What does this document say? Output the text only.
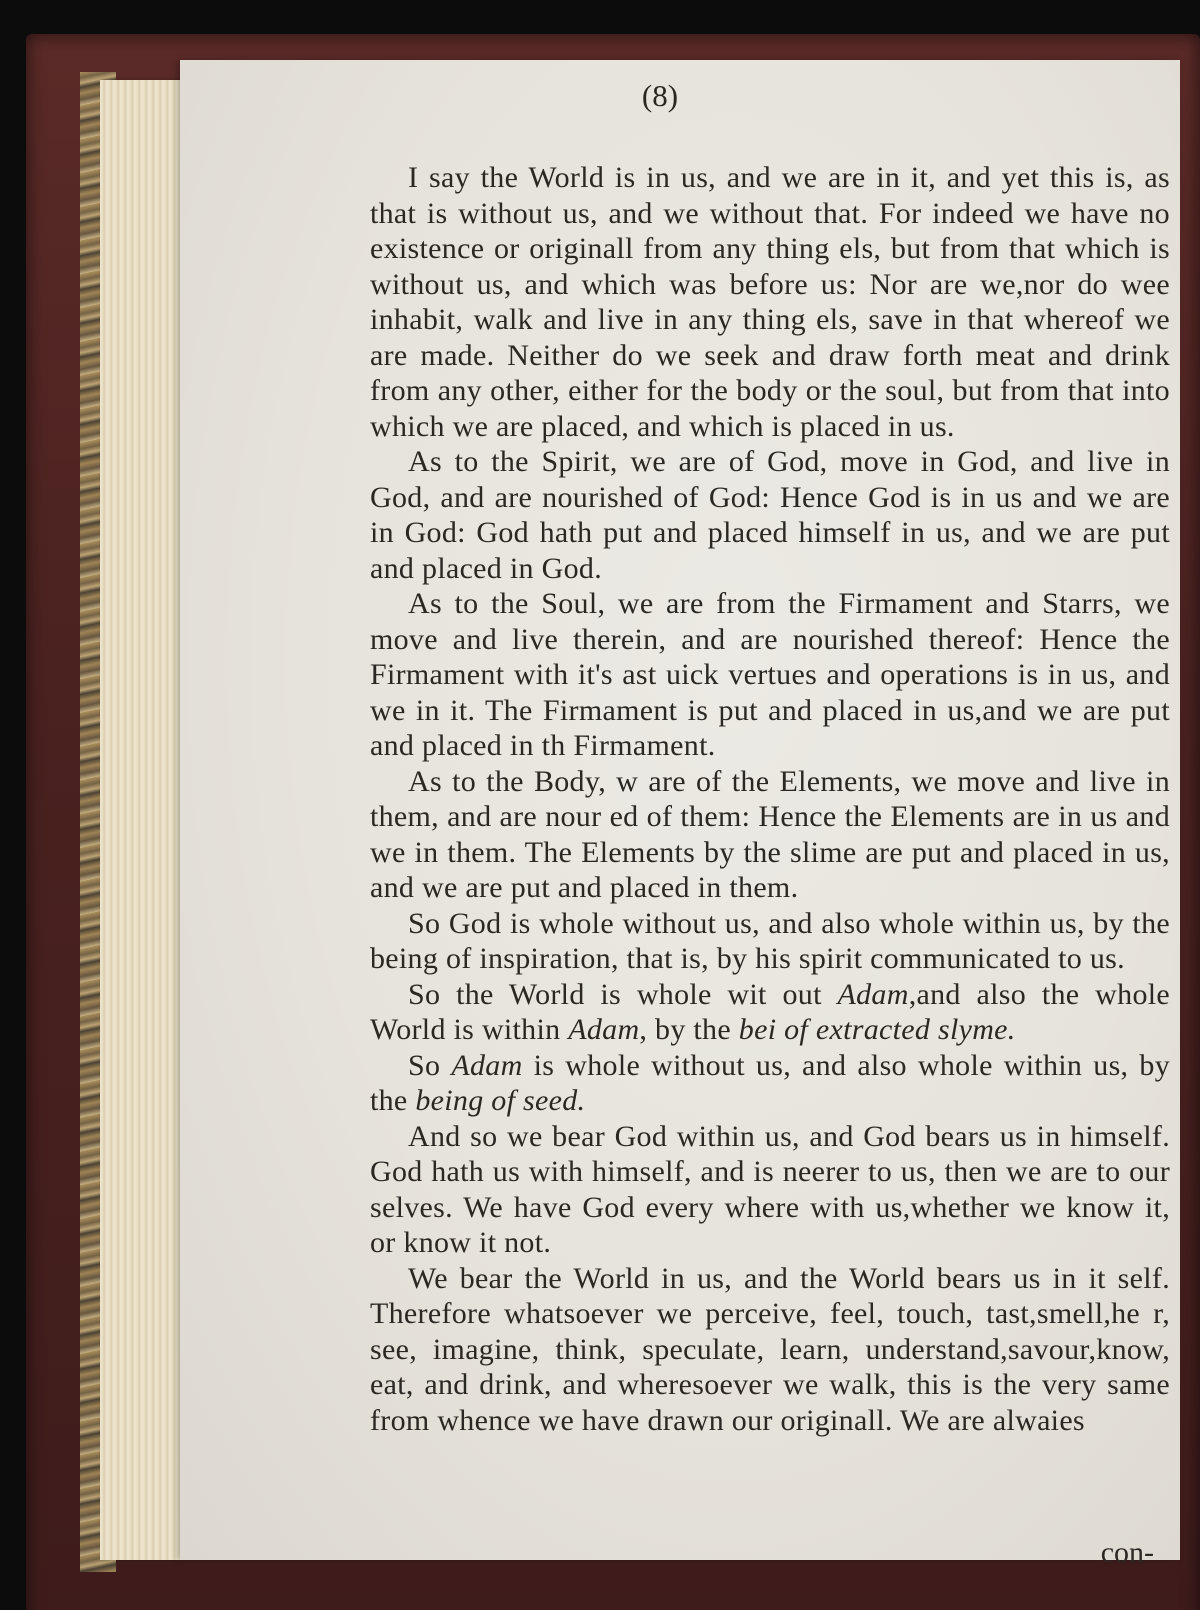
(8)

I say the World is in us, and we are in it, and yet this is, as that is without us, and we without that. For indeed we have no existence or originall from any thing els, but from that which is without us, and which was before us: Nor are we,nor do wee inhabit, walk and live in any thing els, save in that whereof we are made. Neither do we seek and draw forth meat and drink from any other, either for the body or the soul, but from that into which we are placed, and which is placed in us.

As to the Spirit, we are of God, move in God, and live in God, and are nourished of God: Hence God is in us and we are in God: God hath put and placed himself in us, and we are put and placed in God.

As to the Soul, we are from the Firmament and Starrs, we move and live therein, and are nourished thereof: Hence the Firmament with it's ast uick vertues and operations is in us, and we in it. The Firmament is put and placed in us,and we are put and placed in th Firmament.

As to the Body, w are of the Elements, we move and live in them, and are nour ed of them: Hence the Elements are in us and we in them. The Elements by the slime are put and placed in us, and we are put and placed in them.

So God is whole without us, and also whole within us, by the being of inspiration, that is, by his spirit communicated to us.

So the World is whole wit out Adam,and also the whole World is within Adam, by the bei of extracted slyme.

So Adam is whole without us, and also whole within us, by the being of seed.

And so we bear God within us, and God bears us in himself. God hath us with himself, and is neerer to us, then we are to our selves. We have God every where with us,whether we know it, or know it not.

We bear the World in us, and the World bears us in it self. Therefore whatsoever we perceive, feel, touch, tast,smell,he r, see, imagine, think, speculate, learn, understand,savour,know, eat, and drink, and wheresoever we walk, this is the very same from whence we have drawn our originall. We are alwaies

con-
